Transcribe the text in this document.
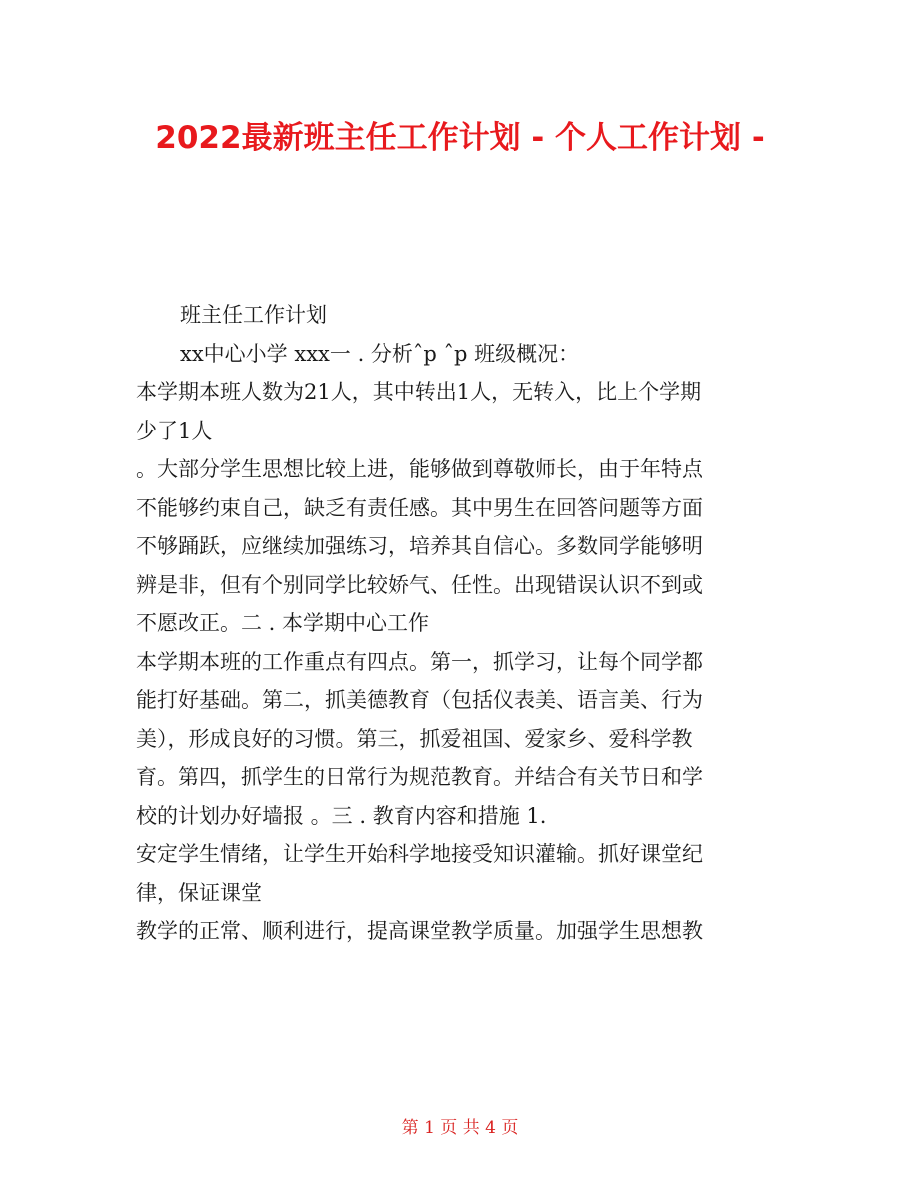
2022最新班主任工作计划 - 个人工作计划 -
班主任工作计划
xx中心小学 xxx一 . 分析ˆp ˆp 班级概况：
本学期本班人数为21人，其中转出1人，无转入，比上个学期
少了1人
。大部分学生思想比较上进，能够做到尊敬师长，由于年特点
不能够约束自己，缺乏有责任感。其中男生在回答问题等方面
不够踊跃，应继续加强练习，培养其自信心。多数同学能够明
辨是非，但有个别同学比较娇气、任性。出现错误认识不到或
不愿改正。二 . 本学期中心工作
本学期本班的工作重点有四点。第一，抓学习，让每个同学都
能打好基础。第二，抓美德教育（包括仪表美、语言美、行为
美），形成良好的习惯。第三，抓爱祖国、爱家乡、爱科学教
育。第四，抓学生的日常行为规范教育。并结合有关节日和学
校的计划办好墙报 。三 . 教育内容和措施 1.
安定学生情绪，让学生开始科学地接受知识灌输。抓好课堂纪
律，保证课堂
教学的正常、顺利进行，提高课堂教学质量。加强学生思想教
第 1 页 共 4 页
